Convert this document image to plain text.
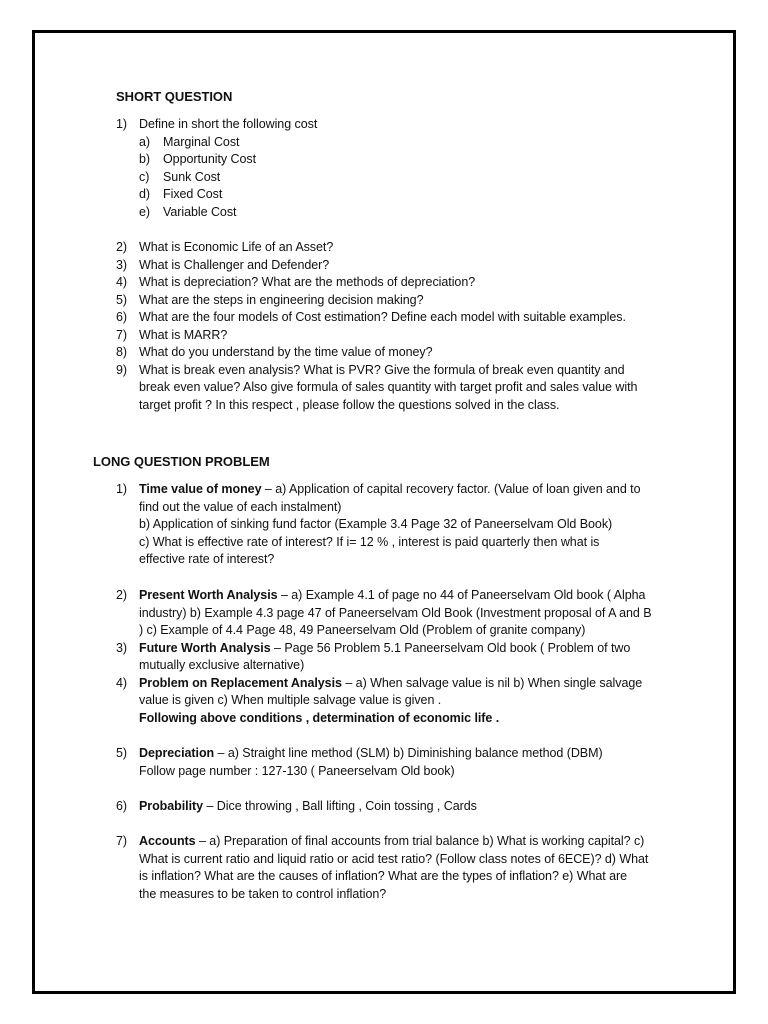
SHORT QUESTION
1) Define in short the following cost
a) Marginal Cost
b) Opportunity Cost
c) Sunk Cost
d) Fixed Cost
e) Variable Cost
2) What is Economic Life of an Asset?
3) What is Challenger and Defender?
4) What is depreciation? What are the methods of depreciation?
5) What are the steps in engineering decision making?
6) What are the four models of Cost estimation? Define each model with suitable examples.
7) What is MARR?
8) What do you understand by the time value of money?
9) What is break even analysis? What is PVR? Give the formula of break even quantity and
break even value? Also give formula of sales quantity with target profit and sales value with
target profit ? In this respect , please follow the questions solved in the class.
LONG QUESTION PROBLEM
1) Time value of money – a) Application of capital recovery factor. (Value of loan given and to
find out the value of each instalment)
b) Application of sinking fund factor (Example 3.4 Page 32 of Paneerselvam Old Book)
c) What is effective rate of interest? If i= 12 % , interest is paid quarterly then what is
effective rate of interest?
2) Present Worth Analysis – a) Example 4.1 of page no 44 of Paneerselvam Old book ( Alpha
industry) b) Example 4.3 page 47 of Paneerselvam Old Book (Investment proposal of A and B
) c) Example of 4.4 Page 48, 49 Paneerselvam Old (Problem of granite company)
3) Future Worth Analysis – Page 56 Problem 5.1 Paneerselvam Old book ( Problem of two
mutually exclusive alternative)
4) Problem on Replacement Analysis – a) When salvage value is nil b) When single salvage
value is given c) When multiple salvage value is given .
Following above conditions , determination of economic life .
5) Depreciation – a) Straight line method (SLM) b) Diminishing balance method (DBM)
Follow page number : 127-130 ( Paneerselvam Old book)
6) Probability – Dice throwing , Ball lifting , Coin tossing , Cards
7) Accounts – a) Preparation of final accounts from trial balance b) What is working capital? c)
What is current ratio and liquid ratio or acid test ratio? (Follow class notes of 6ECE)? d) What
is inflation? What are the causes of inflation? What are the types of inflation? e) What are
the measures to be taken to control inflation?
